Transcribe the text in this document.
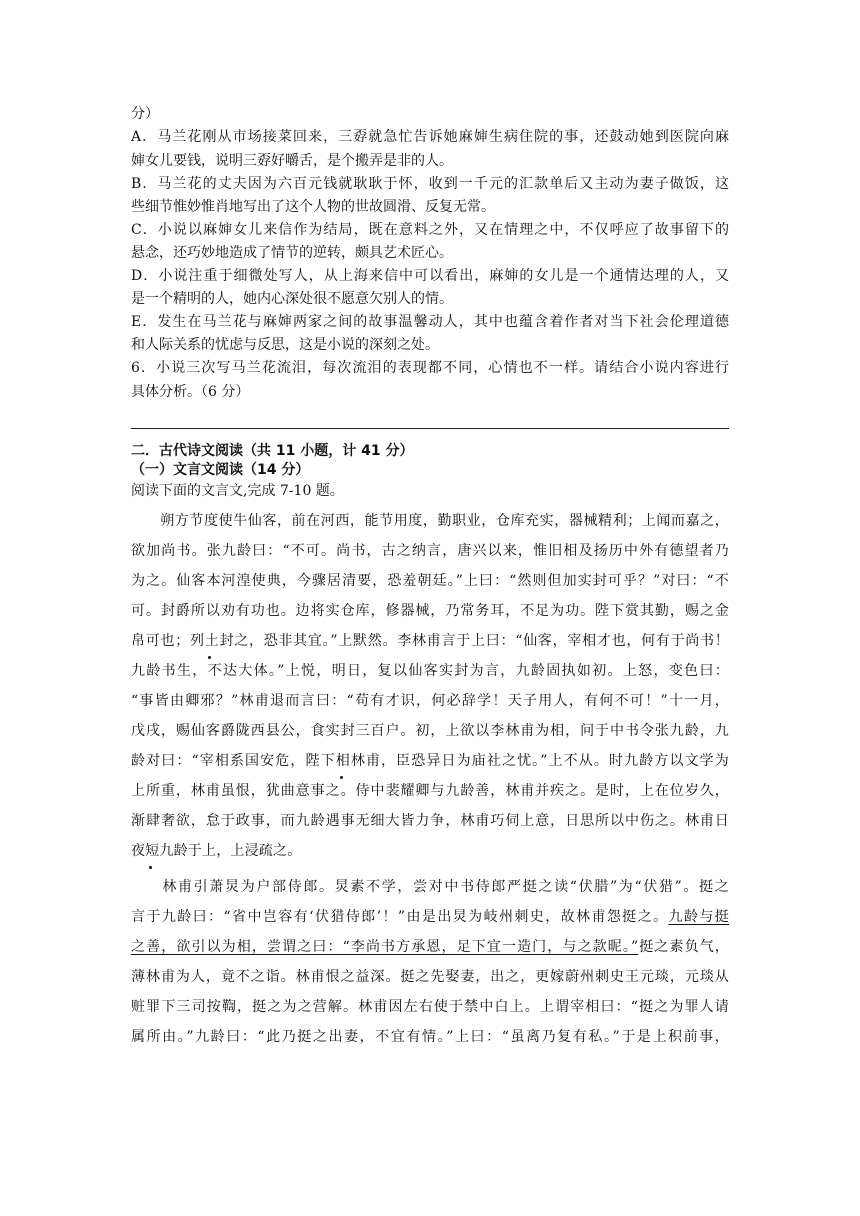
分）
A．马兰花刚从市场接菜回来，三孬就急忙告诉她麻婶生病住院的事，还鼓动她到医院向麻
婶女儿要钱，说明三孬好嚼舌，是个搬弄是非的人。
B．马兰花的丈夫因为六百元钱就耿耿于怀，收到一千元的汇款单后又主动为妻子做饭，这
些细节惟妙惟肖地写出了这个人物的世故圆滑、反复无常。
C．小说以麻婶女儿来信作为结局，既在意料之外，又在情理之中，不仅呼应了故事留下的
悬念，还巧妙地造成了情节的逆转，颇具艺术匠心。
D．小说注重于细微处写人，从上海来信中可以看出，麻婶的女儿是一个通情达理的人，又
是一个精明的人，她内心深处很不愿意欠别人的情。
E．发生在马兰花与麻婶两家之间的故事温馨动人，其中也蕴含着作者对当下社会伦理道德
和人际关系的忧虑与反思，这是小说的深刻之处。
6．小说三次写马兰花流泪，每次流泪的表现都不同，心情也不一样。请结合小说内容进行
具体分析。（6 分）
二．古代诗文阅读（共 11 小题，计 41 分）
（一）文言文阅读（14 分）
阅读下面的文言文,完成 7-10 题。
　　朔方节度使牛仙客，前在河西，能节用度，勤职业，仓库充实，器械精利；上闻而嘉之，
欲加尚书。张九龄曰：“不可。尚书，古之纳言，唐兴以来，惟旧相及扬历中外有德望者乃
为之。仙客本河湟使典，今骤居清要，恐羞朝廷。”上曰：“然则但加实封可乎？”对曰：“不
可。封爵所以劝有功也。边将实仓库，修器械，乃常务耳，不足为功。陛下赏其勤，赐之金
帛可也；列土封之，恐非其宜。”上默然。李林甫言于上曰：“仙客，宰相才也，何有于尚书！
九龄书生，不达大体。”上悦，明日，复以仙客实封为言，九龄固执如初。上怒，变色曰：
“事皆由卿邪？”林甫退而言曰：“苟有才识，何必辞学！天子用人，有何不可！”十一月，
戊戌，赐仙客爵陇西县公，食实封三百户。初，上欲以李林甫为相，问于中书令张九龄，九
龄对曰：“宰相系国安危，陛下相林甫，臣恐异日为庙社之忧。”上不从。时九龄方以文学为
上所重，林甫虽恨，犹曲意事之。侍中裴耀卿与九龄善，林甫并疾之。是时，上在位岁久，
渐肆奢欲，怠于政事，而九龄遇事无细大皆力争，林甫巧伺上意，日思所以中伤之。林甫日
夜短九龄于上，上浸疏之。
　　林甫引萧炅为户部侍郎。炅素不学，尝对中书侍郎严挺之读“伏腊”为“伏猎”。挺之
言于九龄曰：“省中岂容有‘伏猎侍郎’！”由是出炅为岐州刺史，故林甫怨挺之。九龄与挺
之善，欲引以为相，尝谓之曰：“李尚书方承恩，足下宜一造门，与之款昵。”挺之素负气，
薄林甫为人，竟不之诣。林甫恨之益深。挺之先娶妻，出之，更嫁蔚州刺史王元琰，元琰从
赃罪下三司按鞫，挺之为之营解。林甫因左右使于禁中白上。上谓宰相曰：“挺之为罪人请
属所由。”九龄曰：“此乃挺之出妻，不宜有情。”上曰：“虽离乃复有私。”于是上积前事，
